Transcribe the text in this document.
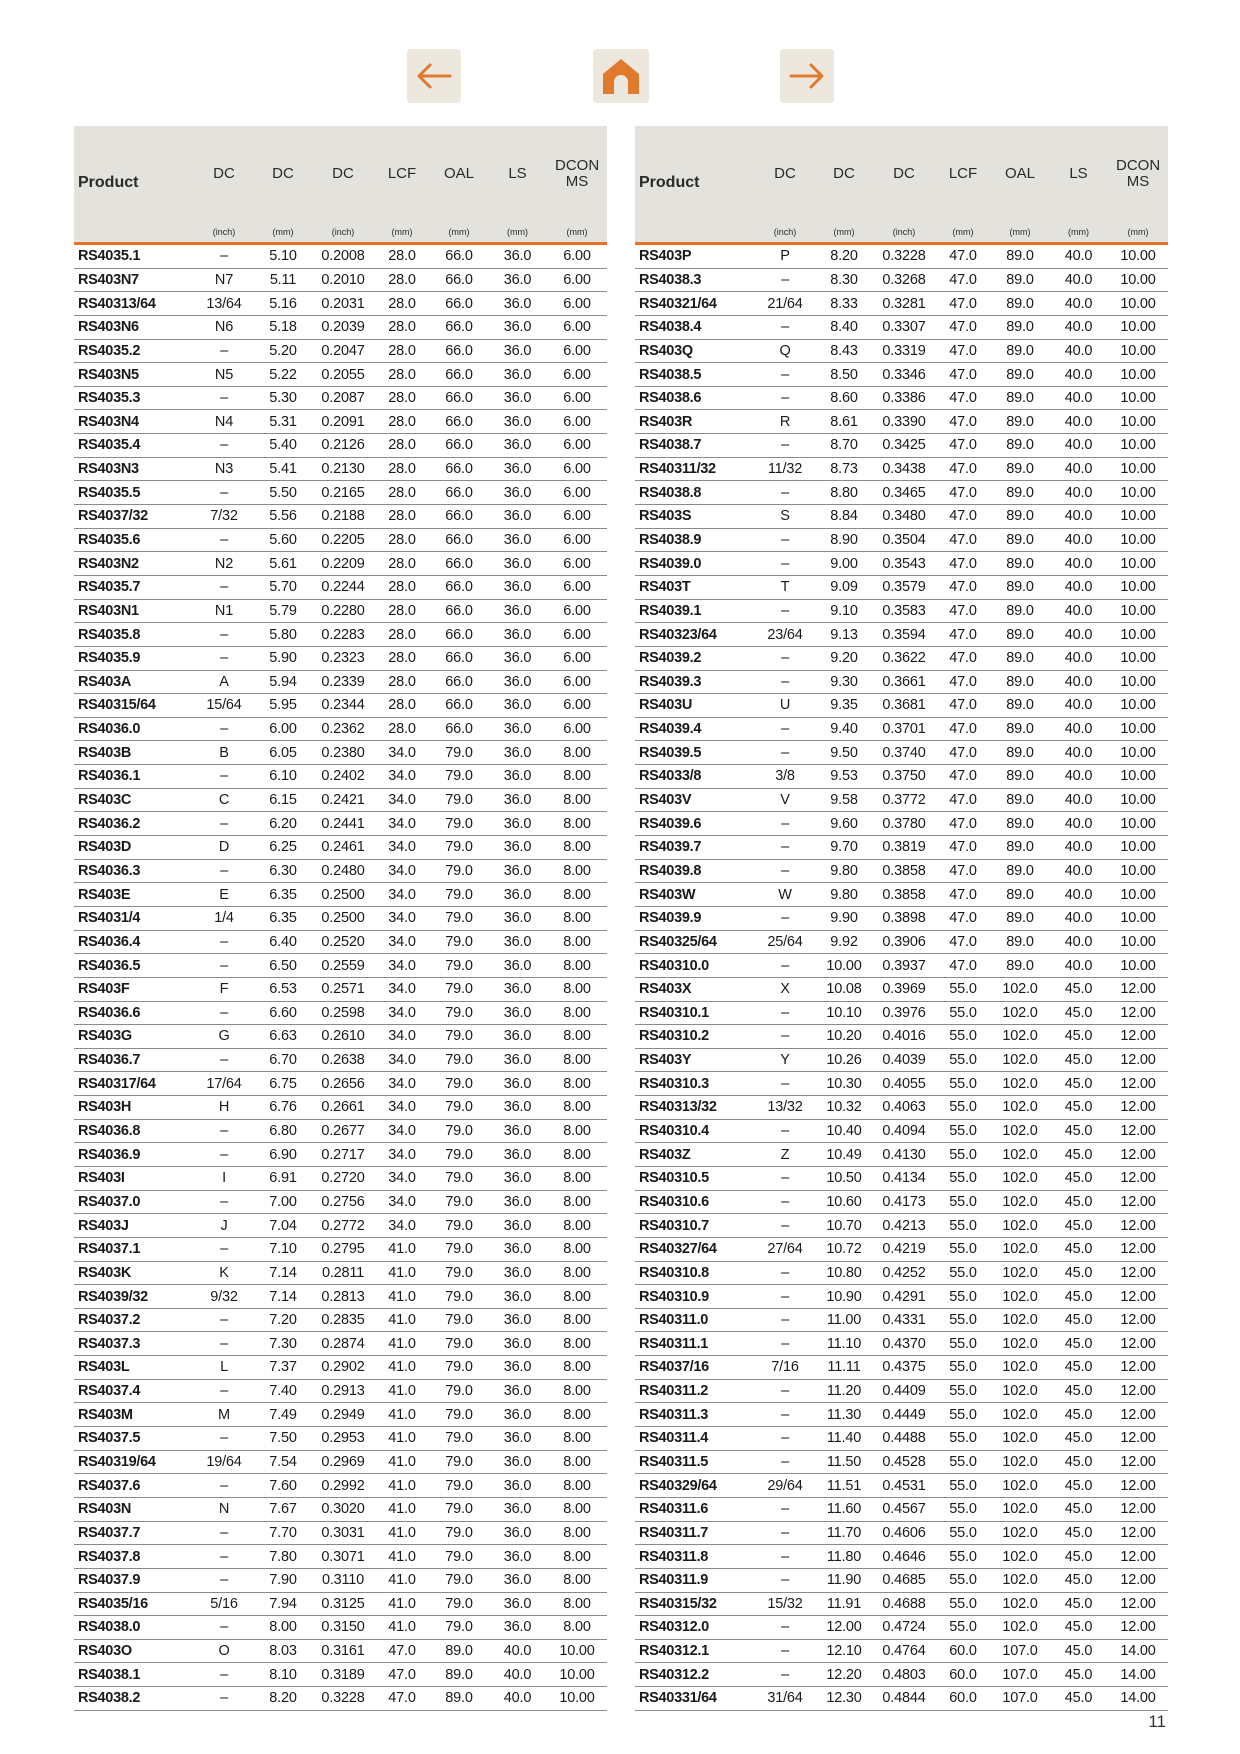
Product	DC	DC	DC	LCF	OAL	LS	DCON MS
	(inch)	(mm)	(inch)	(mm)	(mm)	(mm)	(mm)
RS4035.1	–	5.10	0.2008	28.0	66.0	36.0	6.00
RS403N7	N7	5.11	0.2010	28.0	66.0	36.0	6.00
RS40313/64	13/64	5.16	0.2031	28.0	66.0	36.0	6.00
RS403N6	N6	5.18	0.2039	28.0	66.0	36.0	6.00
RS4035.2	–	5.20	0.2047	28.0	66.0	36.0	6.00
RS403N5	N5	5.22	0.2055	28.0	66.0	36.0	6.00
RS4035.3	–	5.30	0.2087	28.0	66.0	36.0	6.00
RS403N4	N4	5.31	0.2091	28.0	66.0	36.0	6.00
RS4035.4	–	5.40	0.2126	28.0	66.0	36.0	6.00
RS403N3	N3	5.41	0.2130	28.0	66.0	36.0	6.00
RS4035.5	–	5.50	0.2165	28.0	66.0	36.0	6.00
RS4037/32	7/32	5.56	0.2188	28.0	66.0	36.0	6.00
RS4035.6	–	5.60	0.2205	28.0	66.0	36.0	6.00
RS403N2	N2	5.61	0.2209	28.0	66.0	36.0	6.00
RS4035.7	–	5.70	0.2244	28.0	66.0	36.0	6.00
RS403N1	N1	5.79	0.2280	28.0	66.0	36.0	6.00
RS4035.8	–	5.80	0.2283	28.0	66.0	36.0	6.00
RS4035.9	–	5.90	0.2323	28.0	66.0	36.0	6.00
RS403A	A	5.94	0.2339	28.0	66.0	36.0	6.00
RS40315/64	15/64	5.95	0.2344	28.0	66.0	36.0	6.00
RS4036.0	–	6.00	0.2362	28.0	66.0	36.0	6.00
RS403B	B	6.05	0.2380	34.0	79.0	36.0	8.00
RS4036.1	–	6.10	0.2402	34.0	79.0	36.0	8.00
RS403C	C	6.15	0.2421	34.0	79.0	36.0	8.00
RS4036.2	–	6.20	0.2441	34.0	79.0	36.0	8.00
RS403D	D	6.25	0.2461	34.0	79.0	36.0	8.00
RS4036.3	–	6.30	0.2480	34.0	79.0	36.0	8.00
RS403E	E	6.35	0.2500	34.0	79.0	36.0	8.00
RS4031/4	1/4	6.35	0.2500	34.0	79.0	36.0	8.00
RS4036.4	–	6.40	0.2520	34.0	79.0	36.0	8.00
RS4036.5	–	6.50	0.2559	34.0	79.0	36.0	8.00
RS403F	F	6.53	0.2571	34.0	79.0	36.0	8.00
RS4036.6	–	6.60	0.2598	34.0	79.0	36.0	8.00
RS403G	G	6.63	0.2610	34.0	79.0	36.0	8.00
RS4036.7	–	6.70	0.2638	34.0	79.0	36.0	8.00
RS40317/64	17/64	6.75	0.2656	34.0	79.0	36.0	8.00
RS403H	H	6.76	0.2661	34.0	79.0	36.0	8.00
RS4036.8	–	6.80	0.2677	34.0	79.0	36.0	8.00
RS4036.9	–	6.90	0.2717	34.0	79.0	36.0	8.00
RS403I	I	6.91	0.2720	34.0	79.0	36.0	8.00
RS4037.0	–	7.00	0.2756	34.0	79.0	36.0	8.00
RS403J	J	7.04	0.2772	34.0	79.0	36.0	8.00
RS4037.1	–	7.10	0.2795	41.0	79.0	36.0	8.00
RS403K	K	7.14	0.2811	41.0	79.0	36.0	8.00
RS4039/32	9/32	7.14	0.2813	41.0	79.0	36.0	8.00
RS4037.2	–	7.20	0.2835	41.0	79.0	36.0	8.00
RS4037.3	–	7.30	0.2874	41.0	79.0	36.0	8.00
RS403L	L	7.37	0.2902	41.0	79.0	36.0	8.00
RS4037.4	–	7.40	0.2913	41.0	79.0	36.0	8.00
RS403M	M	7.49	0.2949	41.0	79.0	36.0	8.00
RS4037.5	–	7.50	0.2953	41.0	79.0	36.0	8.00
RS40319/64	19/64	7.54	0.2969	41.0	79.0	36.0	8.00
RS4037.6	–	7.60	0.2992	41.0	79.0	36.0	8.00
RS403N	N	7.67	0.3020	41.0	79.0	36.0	8.00
RS4037.7	–	7.70	0.3031	41.0	79.0	36.0	8.00
RS4037.8	–	7.80	0.3071	41.0	79.0	36.0	8.00
RS4037.9	–	7.90	0.3110	41.0	79.0	36.0	8.00
RS4035/16	5/16	7.94	0.3125	41.0	79.0	36.0	8.00
RS4038.0	–	8.00	0.3150	41.0	79.0	36.0	8.00
RS403O	O	8.03	0.3161	47.0	89.0	40.0	10.00
RS4038.1	–	8.10	0.3189	47.0	89.0	40.0	10.00
RS4038.2	–	8.20	0.3228	47.0	89.0	40.0	10.00
Product	DC	DC	DC	LCF	OAL	LS	DCON MS
	(inch)	(mm)	(inch)	(mm)	(mm)	(mm)	(mm)
RS403P	P	8.20	0.3228	47.0	89.0	40.0	10.00
RS4038.3	–	8.30	0.3268	47.0	89.0	40.0	10.00
RS40321/64	21/64	8.33	0.3281	47.0	89.0	40.0	10.00
RS4038.4	–	8.40	0.3307	47.0	89.0	40.0	10.00
RS403Q	Q	8.43	0.3319	47.0	89.0	40.0	10.00
RS4038.5	–	8.50	0.3346	47.0	89.0	40.0	10.00
RS4038.6	–	8.60	0.3386	47.0	89.0	40.0	10.00
RS403R	R	8.61	0.3390	47.0	89.0	40.0	10.00
RS4038.7	–	8.70	0.3425	47.0	89.0	40.0	10.00
RS40311/32	11/32	8.73	0.3438	47.0	89.0	40.0	10.00
RS4038.8	–	8.80	0.3465	47.0	89.0	40.0	10.00
RS403S	S	8.84	0.3480	47.0	89.0	40.0	10.00
RS4038.9	–	8.90	0.3504	47.0	89.0	40.0	10.00
RS4039.0	–	9.00	0.3543	47.0	89.0	40.0	10.00
RS403T	T	9.09	0.3579	47.0	89.0	40.0	10.00
RS4039.1	–	9.10	0.3583	47.0	89.0	40.0	10.00
RS40323/64	23/64	9.13	0.3594	47.0	89.0	40.0	10.00
RS4039.2	–	9.20	0.3622	47.0	89.0	40.0	10.00
RS4039.3	–	9.30	0.3661	47.0	89.0	40.0	10.00
RS403U	U	9.35	0.3681	47.0	89.0	40.0	10.00
RS4039.4	–	9.40	0.3701	47.0	89.0	40.0	10.00
RS4039.5	–	9.50	0.3740	47.0	89.0	40.0	10.00
RS4033/8	3/8	9.53	0.3750	47.0	89.0	40.0	10.00
RS403V	V	9.58	0.3772	47.0	89.0	40.0	10.00
RS4039.6	–	9.60	0.3780	47.0	89.0	40.0	10.00
RS4039.7	–	9.70	0.3819	47.0	89.0	40.0	10.00
RS4039.8	–	9.80	0.3858	47.0	89.0	40.0	10.00
RS403W	W	9.80	0.3858	47.0	89.0	40.0	10.00
RS4039.9	–	9.90	0.3898	47.0	89.0	40.0	10.00
RS40325/64	25/64	9.92	0.3906	47.0	89.0	40.0	10.00
RS40310.0	–	10.00	0.3937	47.0	89.0	40.0	10.00
RS403X	X	10.08	0.3969	55.0	102.0	45.0	12.00
RS40310.1	–	10.10	0.3976	55.0	102.0	45.0	12.00
RS40310.2	–	10.20	0.4016	55.0	102.0	45.0	12.00
RS403Y	Y	10.26	0.4039	55.0	102.0	45.0	12.00
RS40310.3	–	10.30	0.4055	55.0	102.0	45.0	12.00
RS40313/32	13/32	10.32	0.4063	55.0	102.0	45.0	12.00
RS40310.4	–	10.40	0.4094	55.0	102.0	45.0	12.00
RS403Z	Z	10.49	0.4130	55.0	102.0	45.0	12.00
RS40310.5	–	10.50	0.4134	55.0	102.0	45.0	12.00
RS40310.6	–	10.60	0.4173	55.0	102.0	45.0	12.00
RS40310.7	–	10.70	0.4213	55.0	102.0	45.0	12.00
RS40327/64	27/64	10.72	0.4219	55.0	102.0	45.0	12.00
RS40310.8	–	10.80	0.4252	55.0	102.0	45.0	12.00
RS40310.9	–	10.90	0.4291	55.0	102.0	45.0	12.00
RS40311.0	–	11.00	0.4331	55.0	102.0	45.0	12.00
RS40311.1	–	11.10	0.4370	55.0	102.0	45.0	12.00
RS4037/16	7/16	11.11	0.4375	55.0	102.0	45.0	12.00
RS40311.2	–	11.20	0.4409	55.0	102.0	45.0	12.00
RS40311.3	–	11.30	0.4449	55.0	102.0	45.0	12.00
RS40311.4	–	11.40	0.4488	55.0	102.0	45.0	12.00
RS40311.5	–	11.50	0.4528	55.0	102.0	45.0	12.00
RS40329/64	29/64	11.51	0.4531	55.0	102.0	45.0	12.00
RS40311.6	–	11.60	0.4567	55.0	102.0	45.0	12.00
RS40311.7	–	11.70	0.4606	55.0	102.0	45.0	12.00
RS40311.8	–	11.80	0.4646	55.0	102.0	45.0	12.00
RS40311.9	–	11.90	0.4685	55.0	102.0	45.0	12.00
RS40315/32	15/32	11.91	0.4688	55.0	102.0	45.0	12.00
RS40312.0	–	12.00	0.4724	55.0	102.0	45.0	12.00
RS40312.1	–	12.10	0.4764	60.0	107.0	45.0	14.00
RS40312.2	–	12.20	0.4803	60.0	107.0	45.0	14.00
RS40331/64	31/64	12.30	0.4844	60.0	107.0	45.0	14.00
11
